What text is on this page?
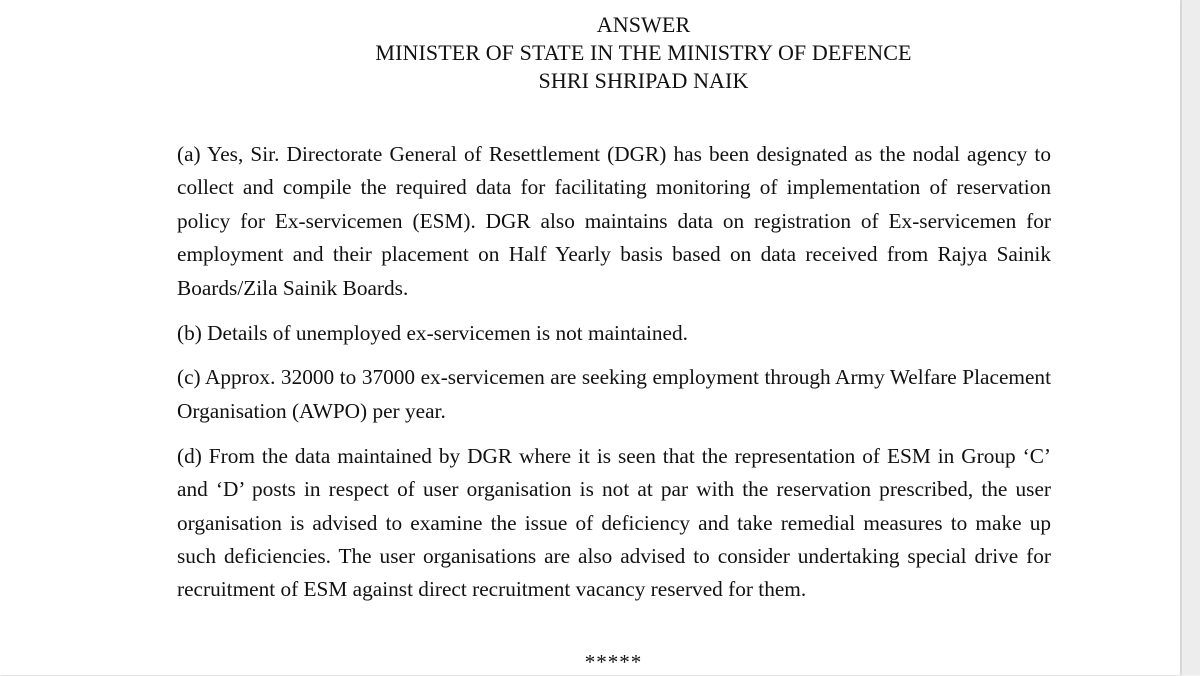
ANSWER
MINISTER OF STATE IN THE MINISTRY OF DEFENCE
SHRI SHRIPAD NAIK

(a) Yes, Sir. Directorate General of Resettlement (DGR) has been designated as the nodal agency to collect and compile the required data for facilitating monitoring of implementation of reservation policy for Ex-servicemen (ESM). DGR also maintains data on registration of Ex-servicemen for employment and their placement on Half Yearly basis based on data received from Rajya Sainik Boards/Zila Sainik Boards.

(b) Details of unemployed ex-servicemen is not maintained.

(c) Approx. 32000 to 37000 ex-servicemen are seeking employment through Army Welfare Placement Organisation (AWPO) per year.

(d) From the data maintained by DGR where it is seen that the representation of ESM in Group ‘C’ and ‘D’ posts in respect of user organisation is not at par with the reservation prescribed, the user organisation is advised to examine the issue of deficiency and take remedial measures to make up such deficiencies. The user organisations are also advised to consider undertaking special drive for recruitment of ESM against direct recruitment vacancy reserved for them.

*****
